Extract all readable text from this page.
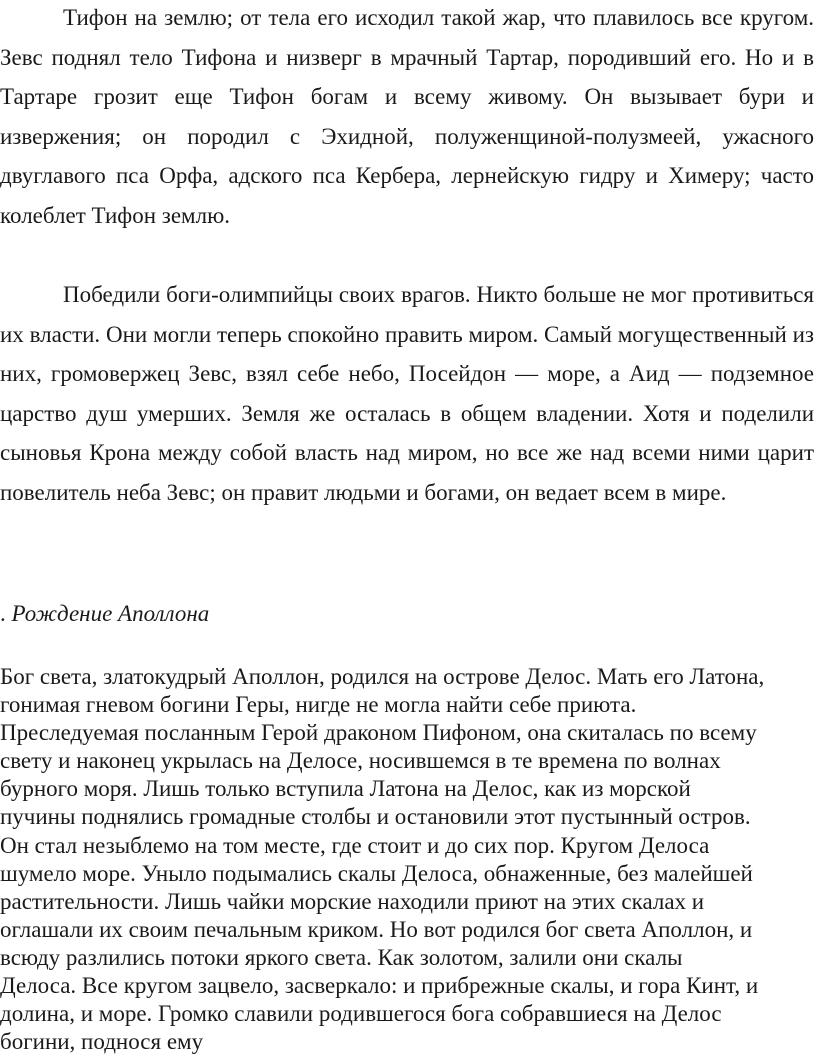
Тифон на землю; от тела его исходил такой жар, что плавилось все кругом. Зевс поднял тело Тифона и низверг в мрачный Тартар, породивший его. Но и в Тартаре грозит еще Тифон богам и всему живому. Он вызывает бури и извержения; он породил с Эхидной, полуженщиной-полузмеей, ужасного двуглавого пса Орфа, адского пса Кербера, лернейскую гидру и Химеру; часто колеблет Тифон землю.

Победили боги-олимпийцы своих врагов. Никто больше не мог противиться их власти. Они могли теперь спокойно править миром. Самый могущественный из них, громовержец Зевс, взял себе небо, Посейдон — море, а Аид — подземное царство душ умерших. Земля же осталась в общем владении. Хотя и поделили сыновья Крона между собой власть над миром, но все же над всеми ними царит повелитель неба Зевс; он правит людьми и богами, он ведает всем в мире.

. Рождение Аполлона

Бог света, златокудрый Аполлон, родился на острове Делос. Мать его Латона,
гонимая гневом богини Геры, нигде не могла найти себе приюта.
Преследуемая посланным Герой драконом Пифоном, она скиталась по всему
свету и наконец укрылась на Делосе, носившемся в те времена по волнах
бурного моря. Лишь только вступила Латона на Делос, как из морской
пучины поднялись громадные столбы и остановили этот пустынный остров.
Он стал незыблемо на том месте, где стоит и до сих пор. Кругом Делоса
шумело море. Уныло подымались скалы Делоса, обнаженные, без малейшей
растительности. Лишь чайки морские находили приют на этих скалах и
оглашали их своим печальным криком. Но вот родился бог света Аполлон, и
всюду разлились потоки яркого света. Как золотом, залили они скалы
Делоса. Все кругом зацвело, засверкало: и прибрежные скалы, и гора Кинт, и
долина, и море. Громко славили родившегося бога собравшиеся на Делос
богини, поднося ему
